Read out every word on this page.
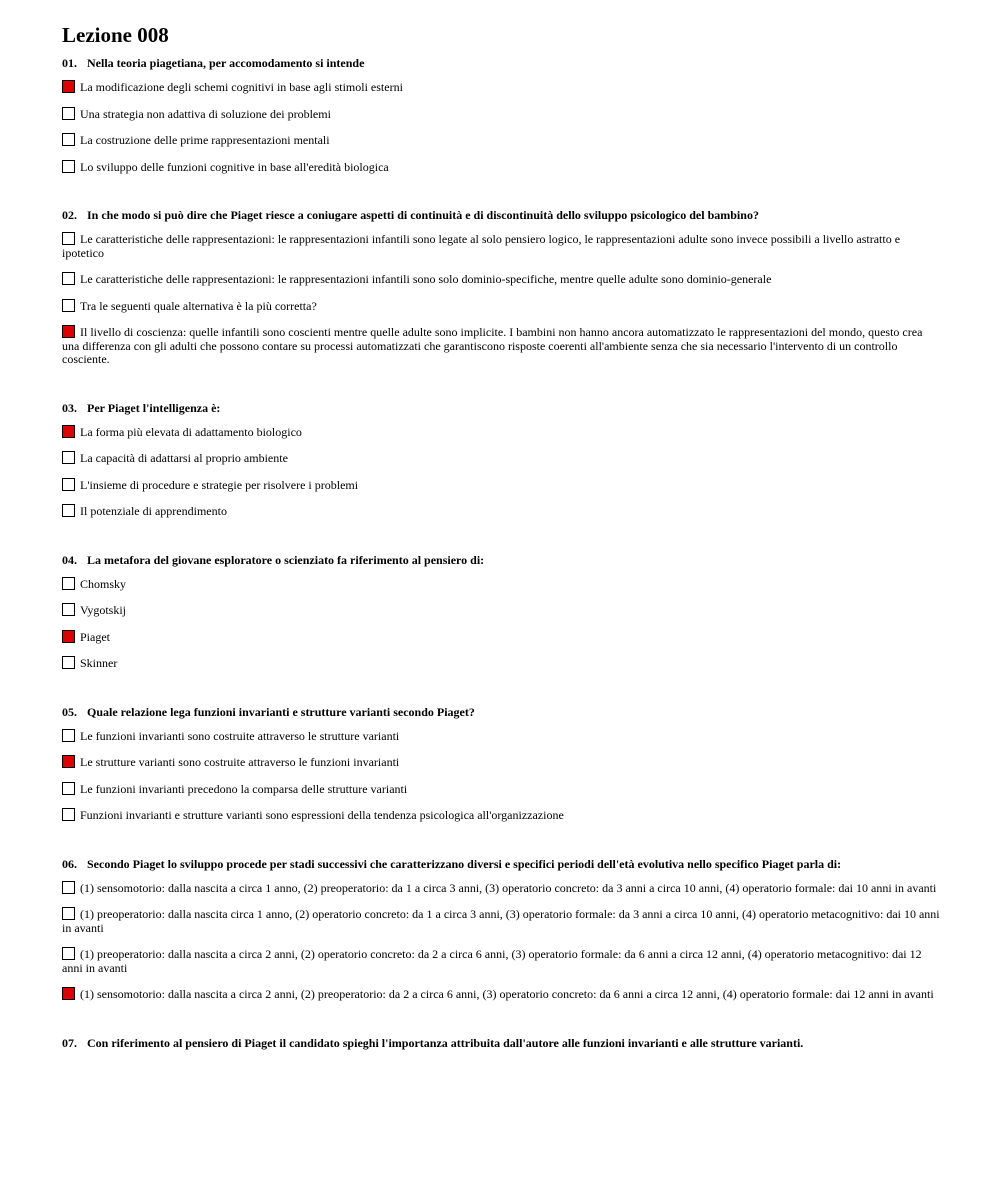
Lezione 008
01. Nella teoria piagetiana, per accomodamento si intende
La modificazione degli schemi cognitivi in base agli stimoli esterni
Una strategia non adattiva di soluzione dei problemi
La costruzione delle prime rappresentazioni mentali
Lo sviluppo delle funzioni cognitive in base all'eredità biologica
02. In che modo si può dire che Piaget riesce a coniugare aspetti di continuità e di discontinuità dello sviluppo psicologico del bambino?
Le caratteristiche delle rappresentazioni: le rappresentazioni infantili sono legate al solo pensiero logico, le rappresentazioni adulte sono invece possibili a livello astratto e ipotetico
Le caratteristiche delle rappresentazioni: le rappresentazioni infantili sono solo dominio-specifiche, mentre quelle adulte sono dominio-generale
Tra le seguenti quale alternativa è la più corretta?
Il livello di coscienza: quelle infantili sono coscienti mentre quelle adulte sono implicite. I bambini non hanno ancora automatizzato le rappresentazioni del mondo, questo crea una differenza con gli adulti che possono contare su processi automatizzati che garantiscono risposte coerenti all'ambiente senza che sia necessario l'intervento di un controllo cosciente.
03. Per Piaget l'intelligenza è:
La forma più elevata di adattamento biologico
La capacità di adattarsi al proprio ambiente
L'insieme di procedure e strategie per risolvere i problemi
Il potenziale di apprendimento
04. La metafora del giovane esploratore o scienziato fa riferimento al pensiero di:
Chomsky
Vygotskij
Piaget
Skinner
05. Quale relazione lega funzioni invarianti e strutture varianti secondo Piaget?
Le funzioni invarianti sono costruite attraverso le strutture varianti
Le strutture varianti sono costruite attraverso le funzioni invarianti
Le funzioni invarianti precedono la comparsa delle strutture varianti
Funzioni invarianti e strutture varianti sono espressioni della tendenza psicologica all'organizzazione
06. Secondo Piaget lo sviluppo procede per stadi successivi che caratterizzano diversi e specifici periodi dell'età evolutiva nello specifico Piaget parla di:
(1) sensomotorio: dalla nascita a circa 1 anno, (2) preoperatorio: da 1 a circa 3 anni, (3) operatorio concreto: da 3 anni a circa 10 anni, (4) operatorio formale: dai 10 anni in avanti
(1) preoperatorio: dalla nascita circa 1 anno, (2) operatorio concreto: da 1 a circa 3 anni, (3) operatorio formale: da 3 anni a circa 10 anni, (4) operatorio metacognitivo: dai 10 anni in avanti
(1) preoperatorio: dalla nascita a circa 2 anni, (2) operatorio concreto: da 2 a circa 6 anni, (3) operatorio formale: da 6 anni a circa 12 anni, (4) operatorio metacognitivo: dai 12 anni in avanti
(1) sensomotorio: dalla nascita a circa 2 anni, (2) preoperatorio: da 2 a circa 6 anni, (3) operatorio concreto: da 6 anni a circa 12 anni, (4) operatorio formale: dai 12 anni in avanti
07. Con riferimento al pensiero di Piaget il candidato spieghi l'importanza attribuita dall'autore alle funzioni invarianti e alle strutture varianti.
